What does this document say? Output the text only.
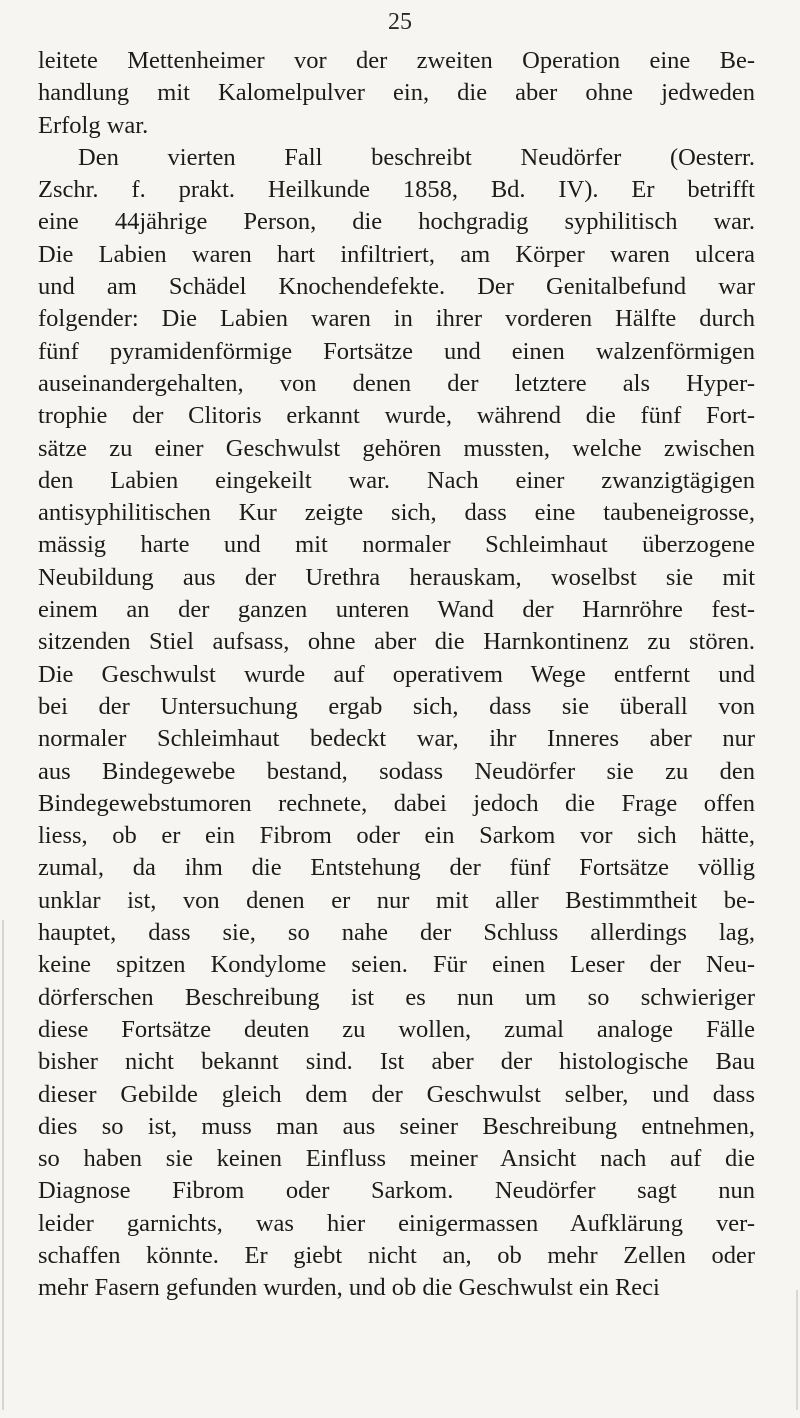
25
leitete Mettenheimer vor der zweiten Operation eine Be-
handlung mit Kalomelpulver ein, die aber ohne jedweden
Erfolg war.
Den vierten Fall beschreibt Neudörfer (Oesterr.
Zschr. f. prakt. Heilkunde 1858, Bd. IV). Er betrifft
eine 44jährige Person, die hochgradig syphilitisch war.
Die Labien waren hart infiltriert, am Körper waren ulcera
und am Schädel Knochendefekte. Der Genitalbefund war
folgender: Die Labien waren in ihrer vorderen Hälfte durch
fünf pyramidenförmige Fortsätze und einen walzenförmigen
auseinandergehalten, von denen der letztere als Hyper-
trophie der Clitoris erkannt wurde, während die fünf Fort-
sätze zu einer Geschwulst gehören mussten, welche zwischen
den Labien eingekeilt war. Nach einer zwanzigtägigen
antisyphilitischen Kur zeigte sich, dass eine taubeneigrosse,
mässig harte und mit normaler Schleimhaut überzogene
Neubildung aus der Urethra herauskam, woselbst sie mit
einem an der ganzen unteren Wand der Harnröhre fest-
sitzenden Stiel aufsass, ohne aber die Harnkontinenz zu stören.
Die Geschwulst wurde auf operativem Wege entfernt und
bei der Untersuchung ergab sich, dass sie überall von
normaler Schleimhaut bedeckt war, ihr Inneres aber nur
aus Bindegewebe bestand, sodass Neudörfer sie zu den
Bindegewebstumoren rechnete, dabei jedoch die Frage offen
liess, ob er ein Fibrom oder ein Sarkom vor sich hätte,
zumal, da ihm die Entstehung der fünf Fortsätze völlig
unklar ist, von denen er nur mit aller Bestimmtheit be-
hauptet, dass sie, so nahe der Schluss allerdings lag,
keine spitzen Kondylome seien. Für einen Leser der Neu-
dörferschen Beschreibung ist es nun um so schwieriger
diese Fortsätze deuten zu wollen, zumal analoge Fälle
bisher nicht bekannt sind. Ist aber der histologische Bau
dieser Gebilde gleich dem der Geschwulst selber, und dass
dies so ist, muss man aus seiner Beschreibung entnehmen,
so haben sie keinen Einfluss meiner Ansicht nach auf die
Diagnose Fibrom oder Sarkom. Neudörfer sagt nun
leider garnichts, was hier einigermassen Aufklärung ver-
schaffen könnte. Er giebt nicht an, ob mehr Zellen oder
mehr Fasern gefunden wurden, und ob die Geschwulst ein Reci
